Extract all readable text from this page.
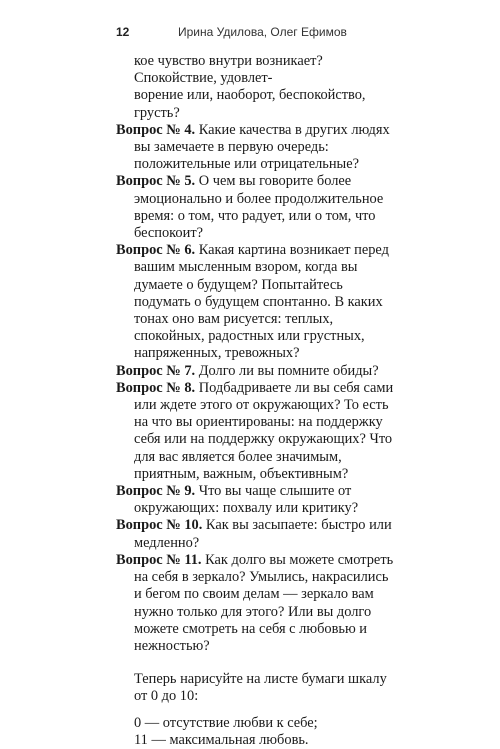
12	Ирина Удилова, Олег Ефимов
кое чувство внутри возникает? Спокойствие, удовлет-
ворение или, наоборот, беспокойство, грусть?
Вопрос № 4. Какие качества в других людях вы замечаете в первую очередь: положительные или отрицательные?
Вопрос № 5. О чем вы говорите более эмоционально и более продолжительное время: о том, что радует, или о том, что беспокоит?
Вопрос № 6. Какая картина возникает перед вашим мысленным взором, когда вы думаете о будущем? Попытайтесь подумать о будущем спонтанно. В каких тонах оно вам рисуется: теплых, спокойных, радостных или грустных, напряженных, тревожных?
Вопрос № 7. Долго ли вы помните обиды?
Вопрос № 8. Подбадриваете ли вы себя сами или ждете этого от окружающих? То есть на что вы ориентированы: на поддержку себя или на поддержку окружающих? Что для вас является более значимым, приятным, важным, объективным?
Вопрос № 9. Что вы чаще слышите от окружающих: похвалу или критику?
Вопрос № 10. Как вы засыпаете: быстро или медленно?
Вопрос № 11. Как долго вы можете смотреть на себя в зеркало? Умылись, накрасились и бегом по своим делам — зеркало вам нужно только для этого? Или вы долго можете смотреть на себя с любовью и нежностью?
Теперь нарисуйте на листе бумаги шкалу от 0 до 10:
0 — отсутствие любви к себе;
11 — максимальная любовь.
